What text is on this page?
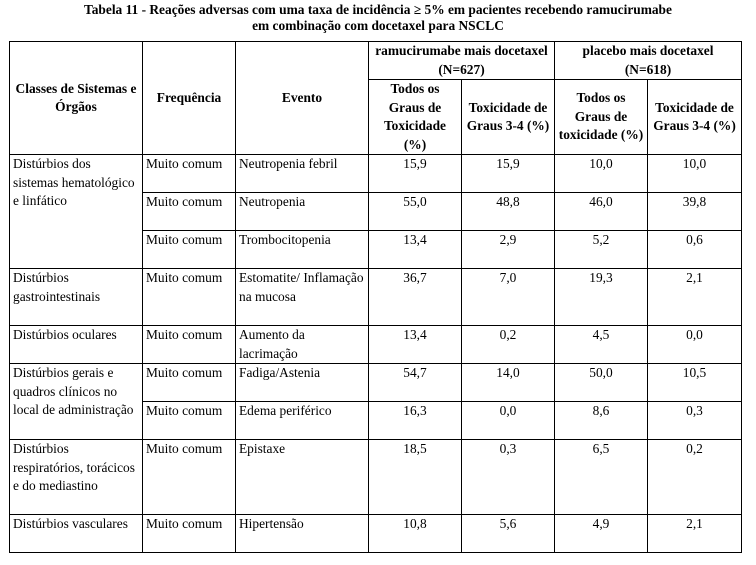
Tabela 11 - Reações adversas com uma taxa de incidência ≥ 5% em pacientes recebendo ramucirumabe
em combinação com docetaxel para NSCLC
Classes de Sistemas e Órgãos	Frequência	Evento	ramucirumabe mais docetaxel (N=627)		placebo mais docetaxel (N=618)	
			Todos os Graus de Toxicidade (%)	Toxicidade de Graus 3-4 (%)	Todos os Graus de toxicidade (%)	Toxicidade de Graus 3-4 (%)
Distúrbios dos sistemas hematológico e linfático	Muito comum	Neutropenia febril	15,9	15,9	10,0	10,0
	Muito comum	Neutropenia	55,0	48,8	46,0	39,8
	Muito comum	Trombocitopenia	13,4	2,9	5,2	0,6
Distúrbios gastrointestinais	Muito comum	Estomatite/ Inflamação na mucosa	36,7	7,0	19,3	2,1
Distúrbios oculares	Muito comum	Aumento da lacrimação	13,4	0,2	4,5	0,0
Distúrbios gerais e quadros clínicos no local de administração	Muito comum	Fadiga/Astenia	54,7	14,0	50,0	10,5
	Muito comum	Edema periférico	16,3	0,0	8,6	0,3
Distúrbios respiratórios, torácicos e do mediastino	Muito comum	Epistaxe	18,5	0,3	6,5	0,2
Distúrbios vasculares	Muito comum	Hipertensão	10,8	5,6	4,9	2,1
